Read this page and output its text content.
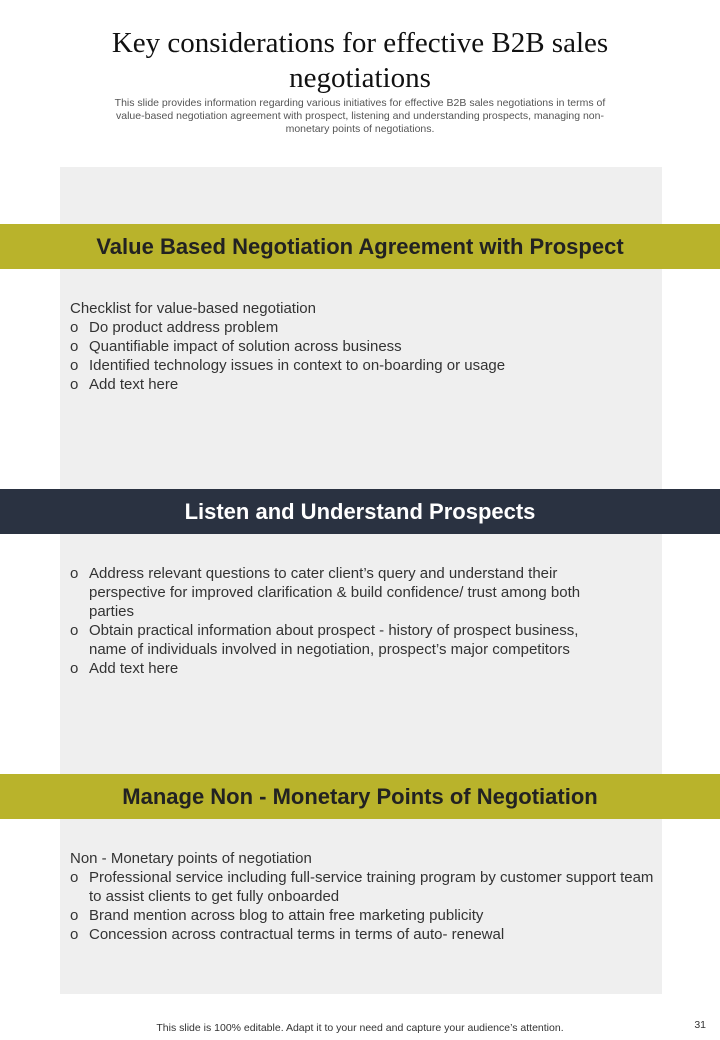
Key considerations for effective B2B sales negotiations

This slide provides information regarding various initiatives for effective B2B sales negotiations in terms of value-based negotiation agreement with prospect, listening and understanding prospects, managing non- monetary points of negotiations.

Value Based Negotiation Agreement with Prospect

Checklist for value-based negotiation

o Do product address problem
o Quantifiable impact of solution across business
o Identified technology issues in context to on-boarding or usage
o Add text here
Listen and Understand Prospects
o Address relevant questions to cater client’s query and understand their perspective for improved clarification & build confidence/ trust among both parties
o Obtain practical information about prospect - history of prospect business, name of individuals involved in negotiation, prospect’s major competitors
o Add text here
Manage Non - Monetary Points of Negotiation

Non - Monetary points of negotiation

o Professional service including full-service training program by customer support team to assist clients to get fully onboarded
o Brand mention across blog to attain free marketing publicity
o Concession across contractual terms in terms of auto- renewal
This slide is 100% editable. Adapt it to your need and capture your audience’s attention.	31
